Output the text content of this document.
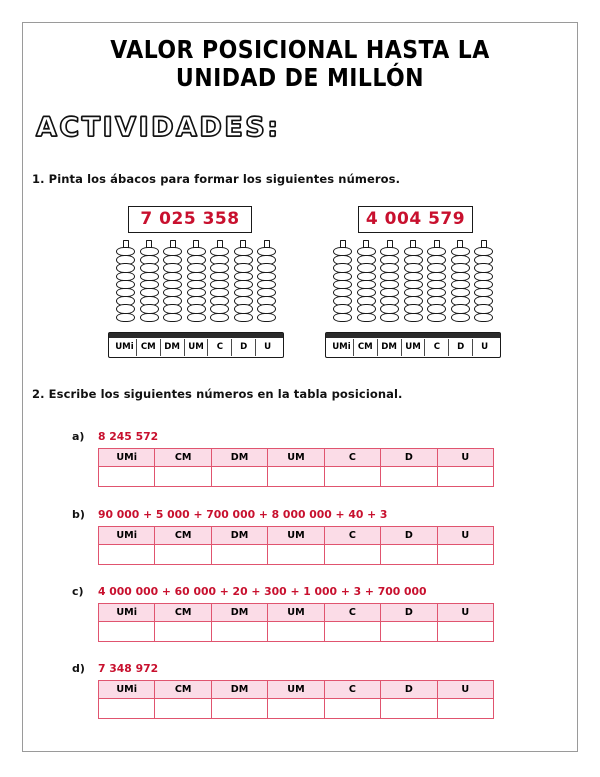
VALOR POSICIONAL HASTA LA UNIDAD DE MILLÓN
ACTIVIDADES:
1. Pinta los ábacos para formar los siguientes números.
7 025 358	4 004 579
UMi CM DM UM	C	D	U	UMi CM DM UM	C	D	U
2. Escribe los siguientes números en la tabla posicional.
a) 8 245 572
UMi	CM	DM	UM	C	D	U

b) 90 000 + 5 000 + 700 000 + 8 000 000 + 40 + 3
UMi	CM	DM	UM	C	D	U

c) 4 000 000 + 60 000 + 20 + 300 + 1 000 + 3 + 700 000
UMi	CM	DM	UM	C	D	U

d) 7 348 972
UMi	CM	DM	UM	C	D	U
